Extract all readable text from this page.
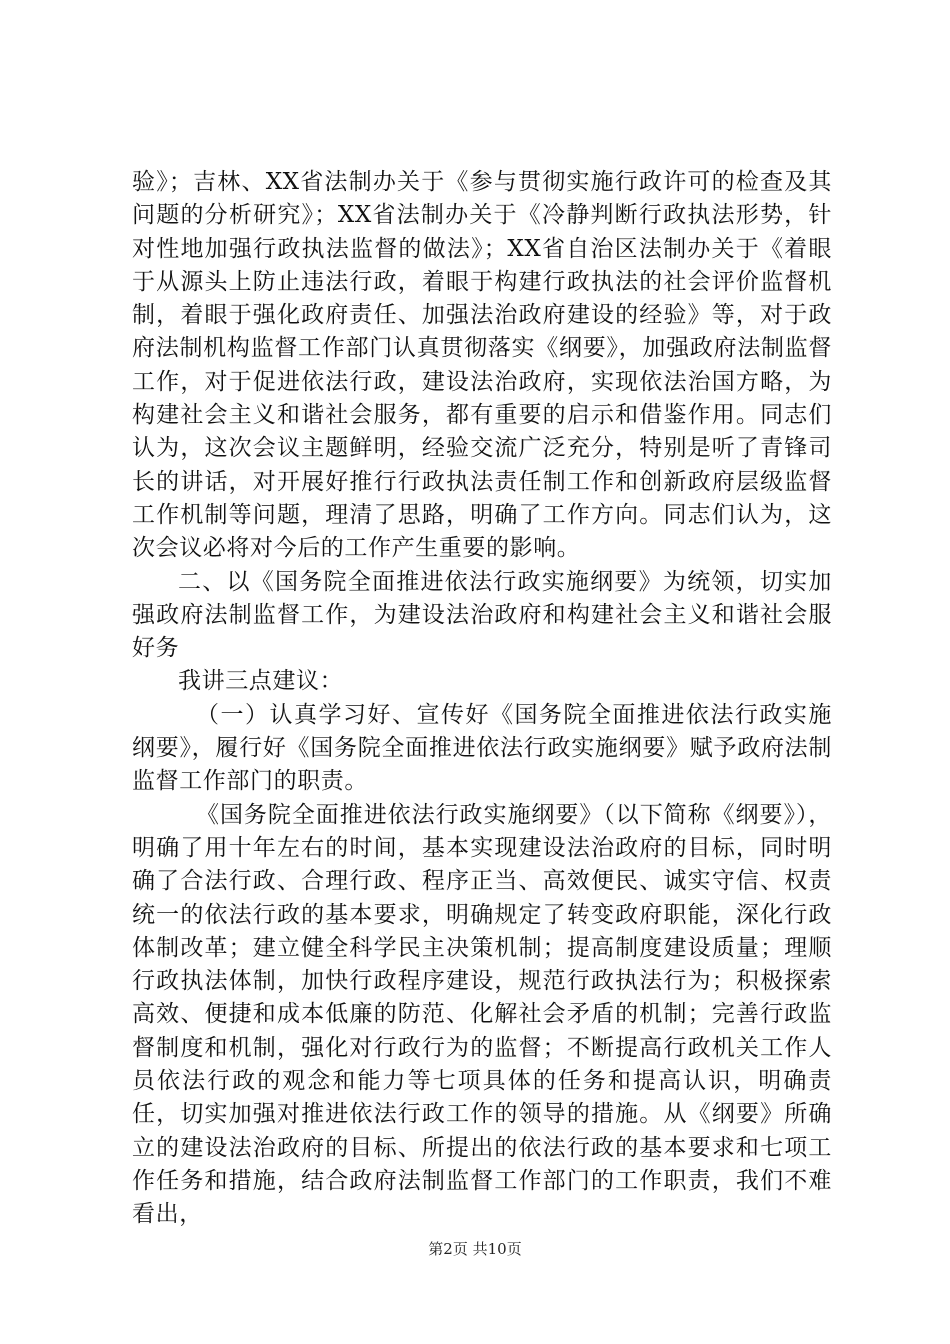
验》；吉林、XX省法制办关于《参与贯彻实施行政许可的检查及其问题的分析研究》；XX省法制办关于《冷静判断行政执法形势，针对性地加强行政执法监督的做法》；XX省自治区法制办关于《着眼于从源头上防止违法行政，着眼于构建行政执法的社会评价监督机制，着眼于强化政府责任、加强法治政府建设的经验》等，对于政府法制机构监督工作部门认真贯彻落实《纲要》，加强政府法制监督工作，对于促进依法行政，建设法治政府，实现依法治国方略，为构建社会主义和谐社会服务，都有重要的启示和借鉴作用。同志们认为，这次会议主题鲜明，经验交流广泛充分，特别是听了青锋司长的讲话，对开展好推行行政执法责任制工作和创新政府层级监督工作机制等问题，理清了思路，明确了工作方向。同志们认为，这次会议必将对今后的工作产生重要的影响。

二、以《国务院全面推进依法行政实施纲要》为统领，切实加强政府法制监督工作，为建设法治政府和构建社会主义和谐社会服好务

我讲三点建议：

（一）认真学习好、宣传好《国务院全面推进依法行政实施纲要》，履行好《国务院全面推进依法行政实施纲要》赋予政府法制监督工作部门的职责。

《国务院全面推进依法行政实施纲要》（以下简称《纲要》），明确了用十年左右的时间，基本实现建设法治政府的目标，同时明确了合法行政、合理行政、程序正当、高效便民、诚实守信、权责统一的依法行政的基本要求，明确规定了转变政府职能，深化行政体制改革；建立健全科学民主决策机制；提高制度建设质量；理顺行政执法体制，加快行政程序建设，规范行政执法行为；积极探索高效、便捷和成本低廉的防范、化解社会矛盾的机制；完善行政监督制度和机制，强化对行政行为的监督；不断提高行政机关工作人员依法行政的观念和能力等七项具体的任务和提高认识，明确责任，切实加强对推进依法行政工作的领导的措施。从《纲要》所确立的建设法治政府的目标、所提出的依法行政的基本要求和七项工作任务和措施，结合政府法制监督工作部门的工作职责，我们不难看出，

第2页 共10页
